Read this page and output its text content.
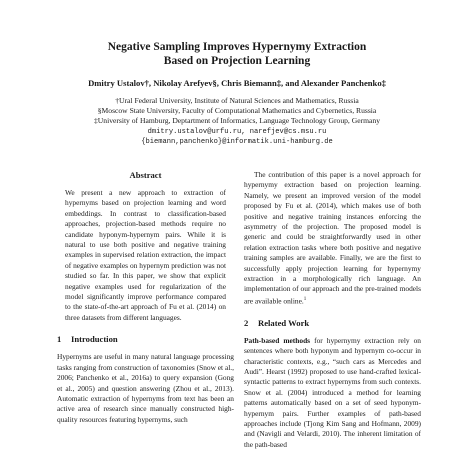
Negative Sampling Improves Hypernymy Extraction
Based on Projection Learning
Dmitry Ustalov†, Nikolay Arefyev§, Chris Biemann‡, and Alexander Panchenko‡
†Ural Federal University, Institute of Natural Sciences and Mathematics, Russia
§Moscow State University, Faculty of Computational Mathematics and Cybernetics, Russia
‡University of Hamburg, Deptartment of Informatics, Language Technology Group, Germany
dmitry.ustalov@urfu.ru, narefjev@cs.msu.ru
{biemann,panchenko}@informatik.uni-hamburg.de
Abstract

We present a new approach to extraction of hypernyms based on projection learning and word embeddings. In contrast to classification-based approaches, projection-based methods require no candidate hyponym-hypernym pairs. While it is natural to use both positive and negative training examples in supervised relation extraction, the impact of negative examples on hypernym prediction was not studied so far. In this paper, we show that explicit negative examples used for regularization of the model significantly improve performance compared to the state-of-the-art approach of Fu et al. (2014) on three datasets from different languages.

1 Introduction

Hypernyms are useful in many natural language processing tasks ranging from construction of taxonomies (Snow et al., 2006; Panchenko et al., 2016a) to query expansion (Gong et al., 2005) and question answering (Zhou et al., 2013). Automatic extraction of hypernyms from text has been an active area of research since manually constructed high-quality resources featuring hypernyms, such

The contribution of this paper is a novel approach for hypernymy extraction based on projection learning. Namely, we present an improved version of the model proposed by Fu et al. (2014), which makes use of both positive and negative training instances enforcing the asymmetry of the projection. The proposed model is generic and could be straightforwardly used in other relation extraction tasks where both positive and negative training samples are available. Finally, we are the first to successfully apply projection learning for hypernymy extraction in a morphologically rich language. An implementation of our approach and the pre-trained models are available online.$^1$

2 Related Work

Path-based methods for hypernymy extraction rely on sentences where both hyponym and hypernym co-occur in characteristic contexts, e.g., “such cars as Mercedes and Audi”. Hearst (1992) proposed to use hand-crafted lexical-syntactic patterns to extract hypernyms from such contexts. Snow et al. (2004) introduced a method for learning patterns automatically based on a set of seed hyponym-hypernym pairs. Further examples of path-based approaches include (Tjong Kim Sang and Hofmann, 2009) and (Navigli and Velardi, 2010). The inherent limitation of the path-based
